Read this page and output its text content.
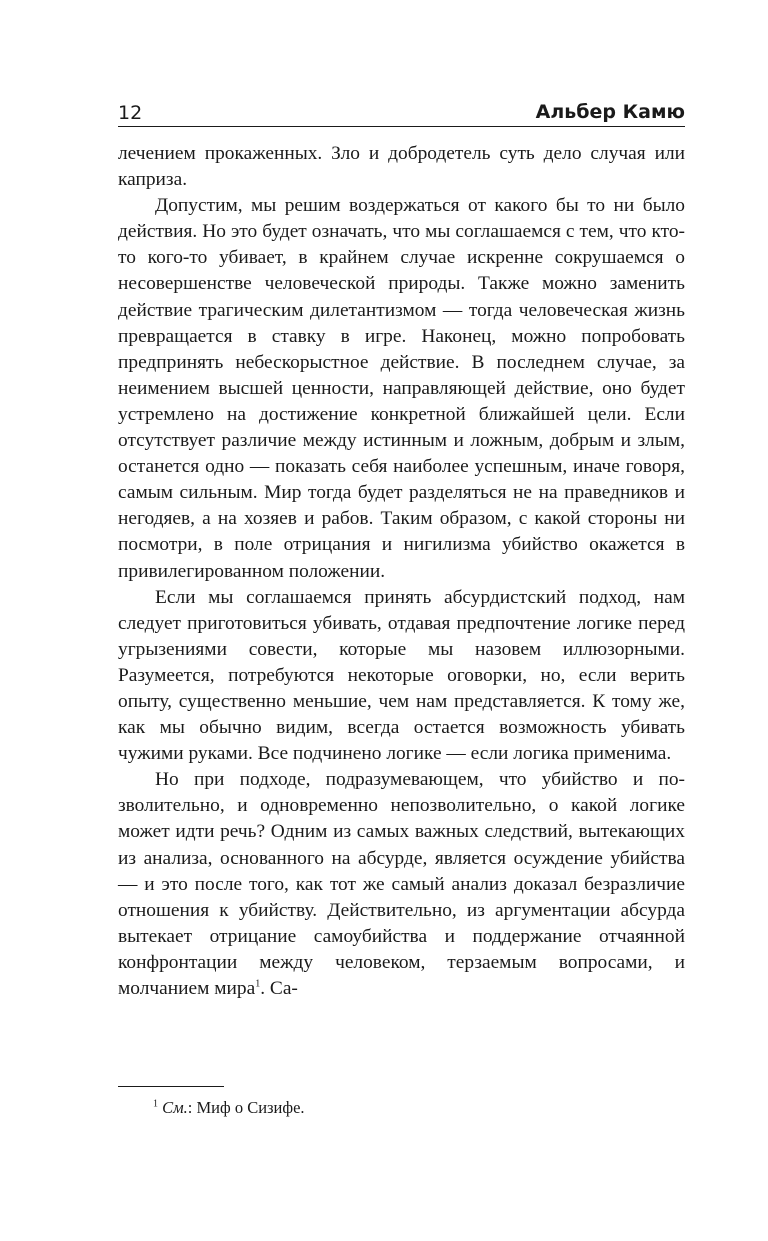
12	Альбер Камю

лечением прокаженных. Зло и добродетель суть дело случая или каприза.

Допустим, мы решим воздержаться от какого бы то ни было действия. Но это будет означать, что мы соглашаемся с тем, что кто-то кого-то убивает, в крайнем случае искренне сокрушаемся о несовершенстве человеческой природы. Также можно заменить действие трагическим дилетантизмом — тогда человеческая жизнь превращается в ставку в игре. Наконец, можно попробовать предпринять небескорыстное действие. В последнем случае, за неимением высшей ценности, направляющей действие, оно будет устремлено на достижение конкретной ближайшей цели. Если отсутствует различие между истинным и ложным, добрым и злым, останется одно — показать себя наиболее успешным, иначе говоря, самым сильным. Мир тогда будет разделяться не на праведников и негодяев, а на хозяев и рабов. Таким образом, с какой стороны ни посмотри, в поле отрицания и нигилизма убийство окажется в привилегированном положении.

Если мы соглашаемся принять абсурдистский подход, нам следует приготовиться убивать, отдавая предпочтение логике перед угрызениями совести, которые мы назовем иллюзорными. Разумеется, потребуются некоторые оговорки, но, если верить опыту, существенно меньшие, чем нам представляется. К тому же, как мы обычно видим, всегда остается возможность убивать чужими руками. Все подчинено логике — если логика применима.

Но при подходе, подразумевающем, что убийство и позволительно, и одновременно непозволительно, о какой логике может идти речь? Одним из самых важных следствий, вытекающих из анализа, основанного на абсурде, является осуждение убийства — и это после того, как тот же самый анализ доказал безразличие отношения к убийству. Действительно, из аргументации абсурда вытекает отрицание самоубийства и поддержание отчаянной конфронтации между человеком, терзаемым вопросами, и молчанием мира$^1$. Са-

$^1$ См.: Миф о Сизифе.
